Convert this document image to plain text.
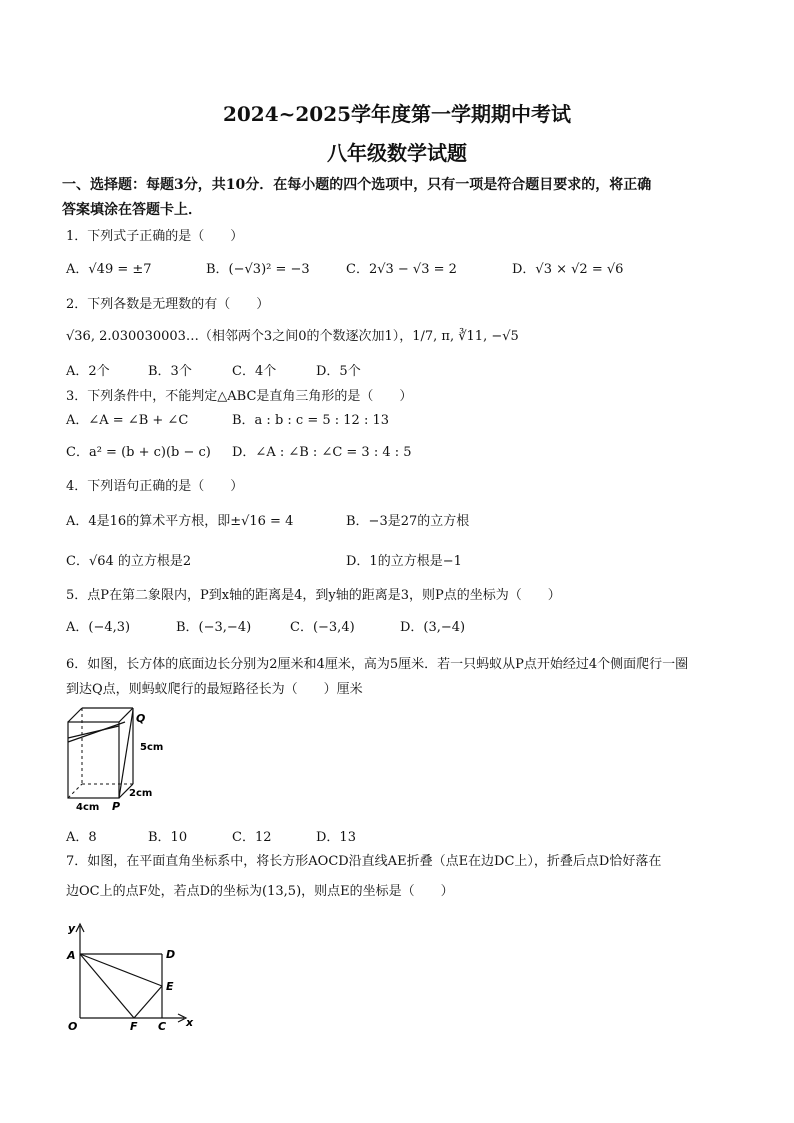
2024~2025学年度第一学期期中考试
八年级数学试题
一、选择题：每题3分，共10分．在每小题的四个选项中，只有一项是符合题目要求的，将正确
答案填涂在答题卡上．
1．下列式子正确的是（　　）
A．√49 = ±7	B．(−√3)² = −3	C．2√3 − √3 = 2	D．√3 × √2 = √6
2．下列各数是无理数的有（　　）
√36, 2.030030003…（相邻两个3之间0的个数逐次加1），1/7, π, ∛11, −√5
A．2个	B．3个	C．4个	D．5个
3．下列条件中，不能判定△ABC是直角三角形的是（　　）
A．∠A = ∠B + ∠C	B．a : b : c = 5 : 12 : 13
C．a² = (b + c)(b − c) D．∠A : ∠B : ∠C = 3 : 4 : 5
4．下列语句正确的是（　　）
A．4是16的算术平方根，即±√16 = 4	B．−3是27的立方根
C．√64 的立方根是2	D．1的立方根是−1
5．点P在第二象限内，P到x轴的距离是4，到y轴的距离是3，则P点的坐标为（　　）
A．(−4,3)	B．(−3,−4)	C．(−3,4)	D．(3,−4)
6．如图，长方体的底面边长分别为2厘米和4厘米，高为5厘米．若一只蚂蚁从P点开始经过4个侧面爬行一圈
到达Q点，则蚂蚁爬行的最短路径长为（　　）厘米
Q
5cm
2cm
4cm P
A．8	B．10	C．12	D．13
7．如图，在平面直角坐标系中，将长方形AOCD沿直线AE折叠（点E在边DC上），折叠后点D恰好落在
边OC上的点F处，若点D的坐标为(13,5)，则点E的坐标是（　　）
y
x
A	D
E
O	F C
